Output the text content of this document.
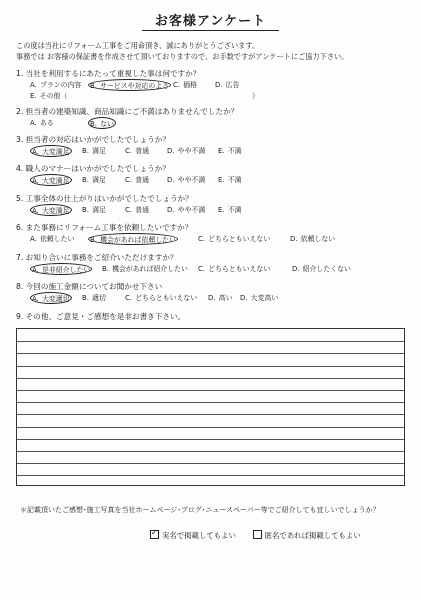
お客様アンケート
この度は当社にリフォーム工事をご用命頂き、誠にありがとうございます。
事務では お客様の保証書を作成させて頂いておりますので、お手数ですがアンケートにご協力下さい。
1. 当社を利用するにあたって重視した事は何ですか？
A. プランの内容 B. サービスや対応のよさ C. 価格	D. 広告
E. その他（	）
2. 担当者の建築知識、商品知識にご不満はありませんでしたか？
A. ある	B. ない
3. 担当者の対応はいかがでしたでしょうか？
A. 大変満足 B. 満足	C. 普通	D. やや不満 E. 不満
4. 職人のマナーはいかがでしたでしょうか？
A. 大変満足 B. 満足	C. 普通	D. やや不満 E. 不満
5. 工事全体の仕上がりはいかがでしたでしょうか？
A. 大変満足 B. 満足	C. 普通	D. やや不満 E. 不満
6. また事務にリフォーム工事を依頼したいですか？
A. 依頼したい B. 機会があれば依頼したい	C. どちらともいえない	D. 依頼しない
7. お知り合いに事務をご紹介いただけますか？
A. 是非紹介したい B. 機会があれば紹介したい C. どちらともいえない	D. 紹介したくない
8. 今回の施工金額についてお聞かせ下さい
A. 大変適切 B. 適切	C. どちらともいえない D. 高い D. 大変高い
9. その他、ご意見・ご感想を是非お書き下さい。
＊記載頂いたご感想･施工写真を当社ホームページ･ブログ･ニュースペーパー等でご紹介しても宜しいでしょうか？
✓実名で掲載してもよい	匿名であれば掲載してもよい
